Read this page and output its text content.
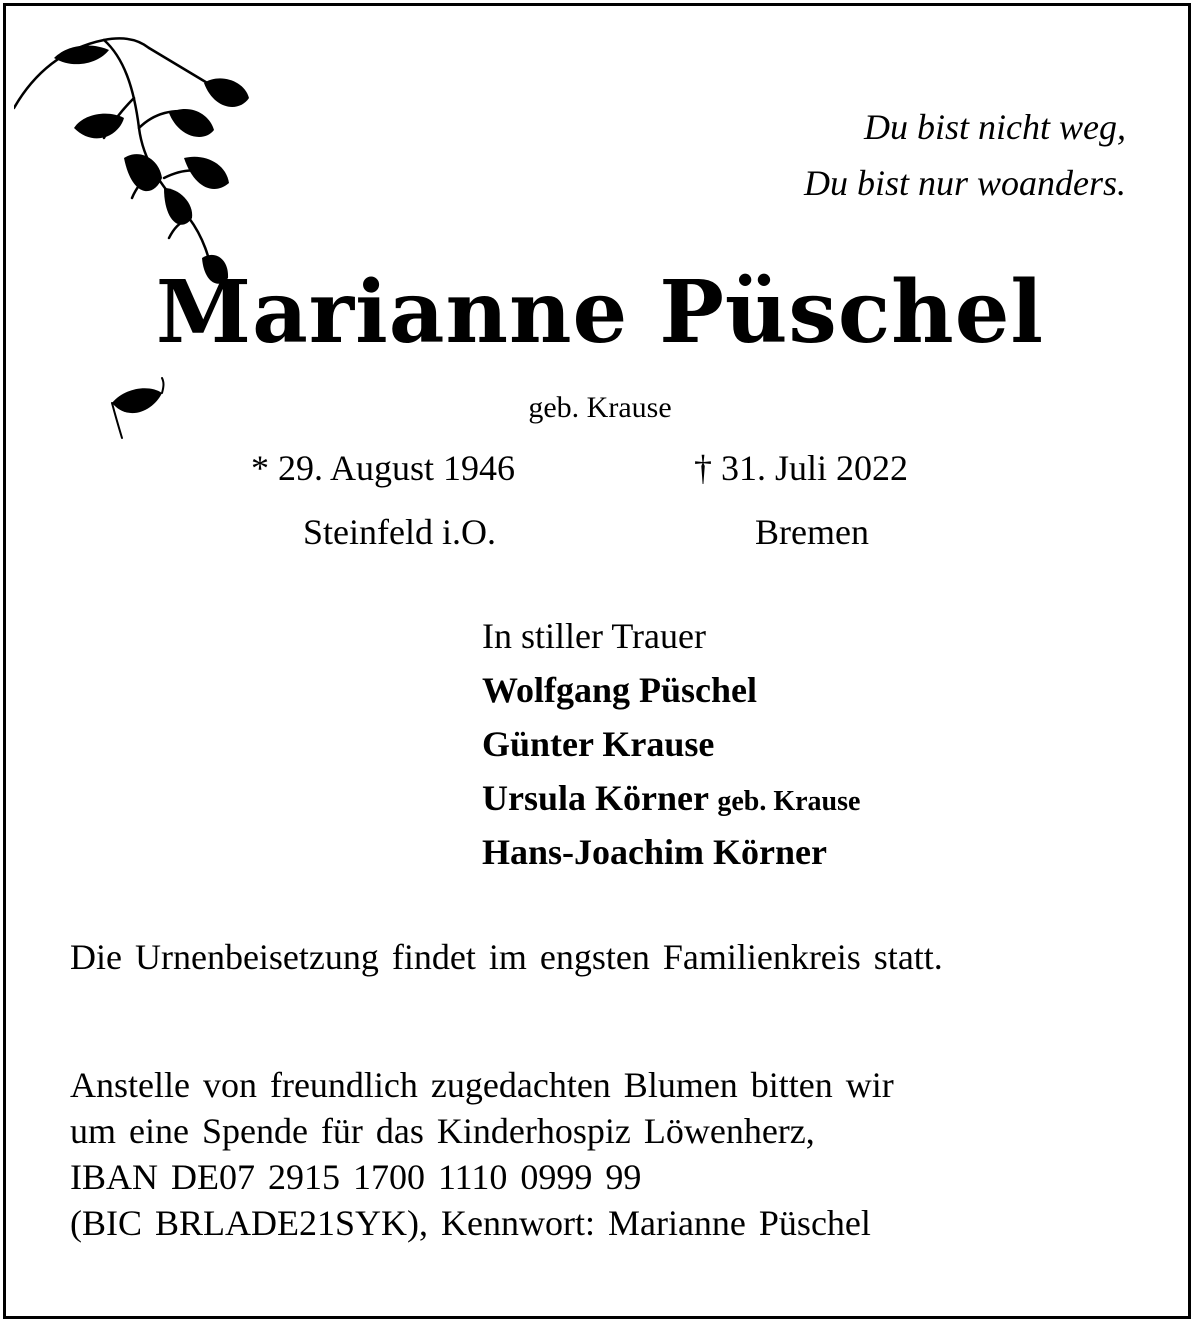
Du bist nicht weg,
Du bist nur woanders.
Marianne Püschel
geb. Krause
* 29. August 1946	† 31. Juli 2022
Steinfeld i.O.	Bremen
In stiller Trauer
Wolfgang Püschel
Günter Krause
Ursula Körner geb. Krause
Hans-Joachim Körner
Die Urnenbeisetzung findet im engsten Familienkreis statt.
Anstelle von freundlich zugedachten Blumen bitten wir
um eine Spende für das Kinderhospiz Löwenherz,
IBAN DE07 2915 1700 1110 0999 99
(BIC BRLADE21SYK), Kennwort: Marianne Püschel
